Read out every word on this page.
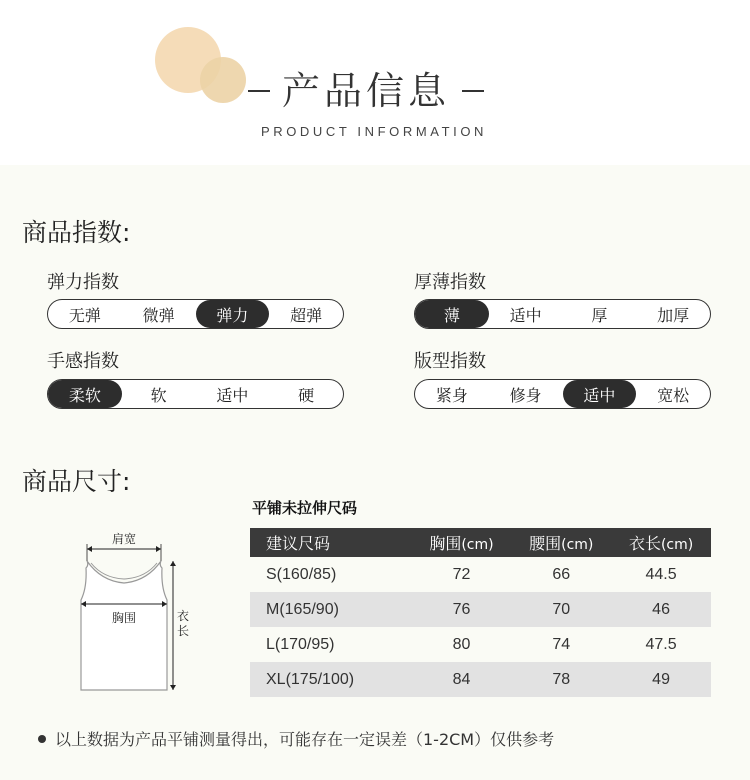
产品信息
PRODUCT INFORMATION
商品指数:
弹力指数
无弹	微弹	弹力	超弹
厚薄指数
薄	适中	厚	加厚
手感指数
柔软	软	适中	硬
版型指数
紧身	修身	适中	宽松
商品尺寸:
平铺未拉伸尺码
肩宽
胸围	衣
长
建议尺码	胸围(cm)	腰围(cm)	衣长(cm)
S(160/85)	72	66	44.5
M(165/90)	76	70	46
L(170/95)	80	74	47.5
XL(175/100)	84	78	49
以上数据为产品平铺测量得出，可能存在一定误差（1-2CM）仅供参考
